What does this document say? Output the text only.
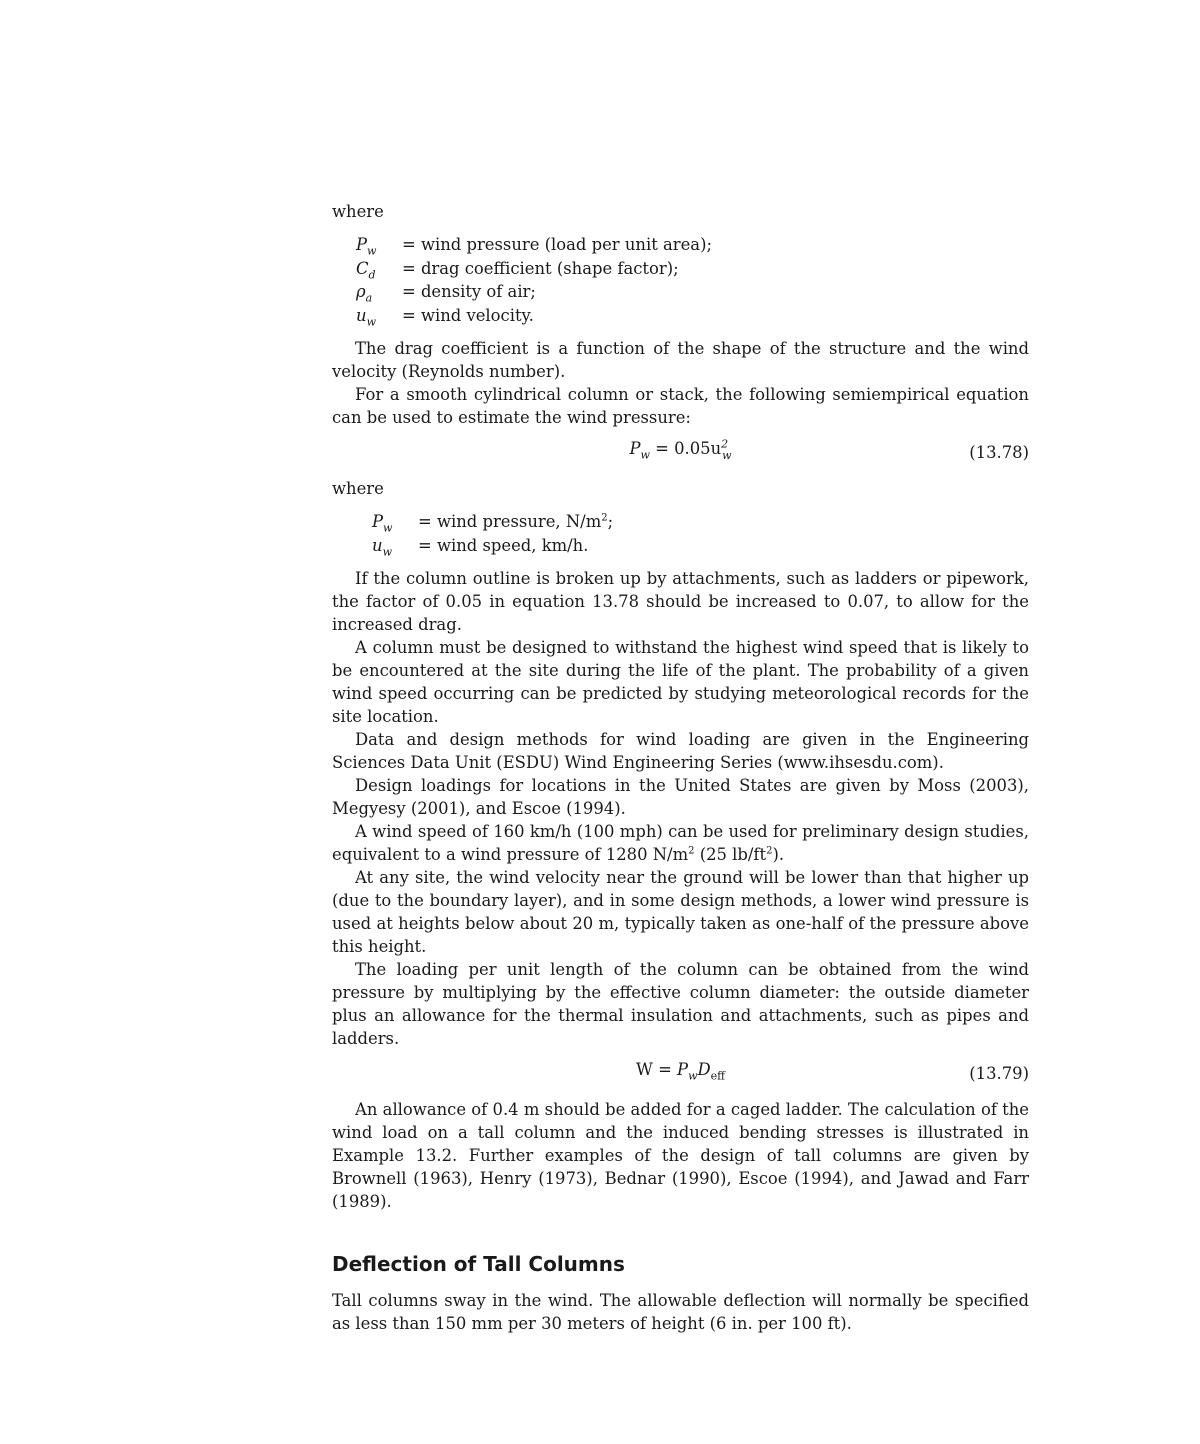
where

$P_w$	= wind pressure (load per unit area);
$C_d$	= drag coefficient (shape factor);
$\rho_a$	= density of air;
$u_w$	= wind velocity.

The drag coefficient is a function of the shape of the structure and the wind velocity (Reynolds number).

For a smooth cylindrical column or stack, the following semiempirical equation can be used to estimate the wind pressure:

$P_w = 0.05u^2_w$	(13.78)

where

$P_w$	= wind pressure, $N/m^2$;
$u_w$	= wind speed, km/h.

If the column outline is broken up by attachments, such as ladders or pipework, the factor of 0.05 in equation 13.78 should be increased to 0.07, to allow for the increased drag.

A column must be designed to withstand the highest wind speed that is likely to be encountered at the site during the life of the plant. The probability of a given wind speed occurring can be predicted by studying meteorological records for the site location.

Data and design methods for wind loading are given in the Engineering Sciences Data Unit (ESDU) Wind Engineering Series (www.ihsesdu.com).

Design loadings for locations in the United States are given by Moss (2003), Megyesy (2001), and Escoe (1994).

A wind speed of 160 km/h (100 mph) can be used for preliminary design studies, equivalent to a wind pressure of 1280 $N/m^2$ (25 $lb/ft^2$).

At any site, the wind velocity near the ground will be lower than that higher up (due to the boundary layer), and in some design methods, a lower wind pressure is used at heights below about 20 m, typically taken as one-half of the pressure above this height.

The loading per unit length of the column can be obtained from the wind pressure by multiplying by the effective column diameter: the outside diameter plus an allowance for the thermal insulation and attachments, such as pipes and ladders.

$W = P_wD_{eff}$	(13.79)

An allowance of 0.4 m should be added for a caged ladder. The calculation of the wind load on a tall column and the induced bending stresses is illustrated in Example 13.2. Further examples of the design of tall columns are given by Brownell (1963), Henry (1973), Bednar (1990), Escoe (1994), and Jawad and Farr (1989).

Deflection of Tall Columns

Tall columns sway in the wind. The allowable deflection will normally be specified as less than 150 mm per 30 meters of height (6 in. per 100 ft).
